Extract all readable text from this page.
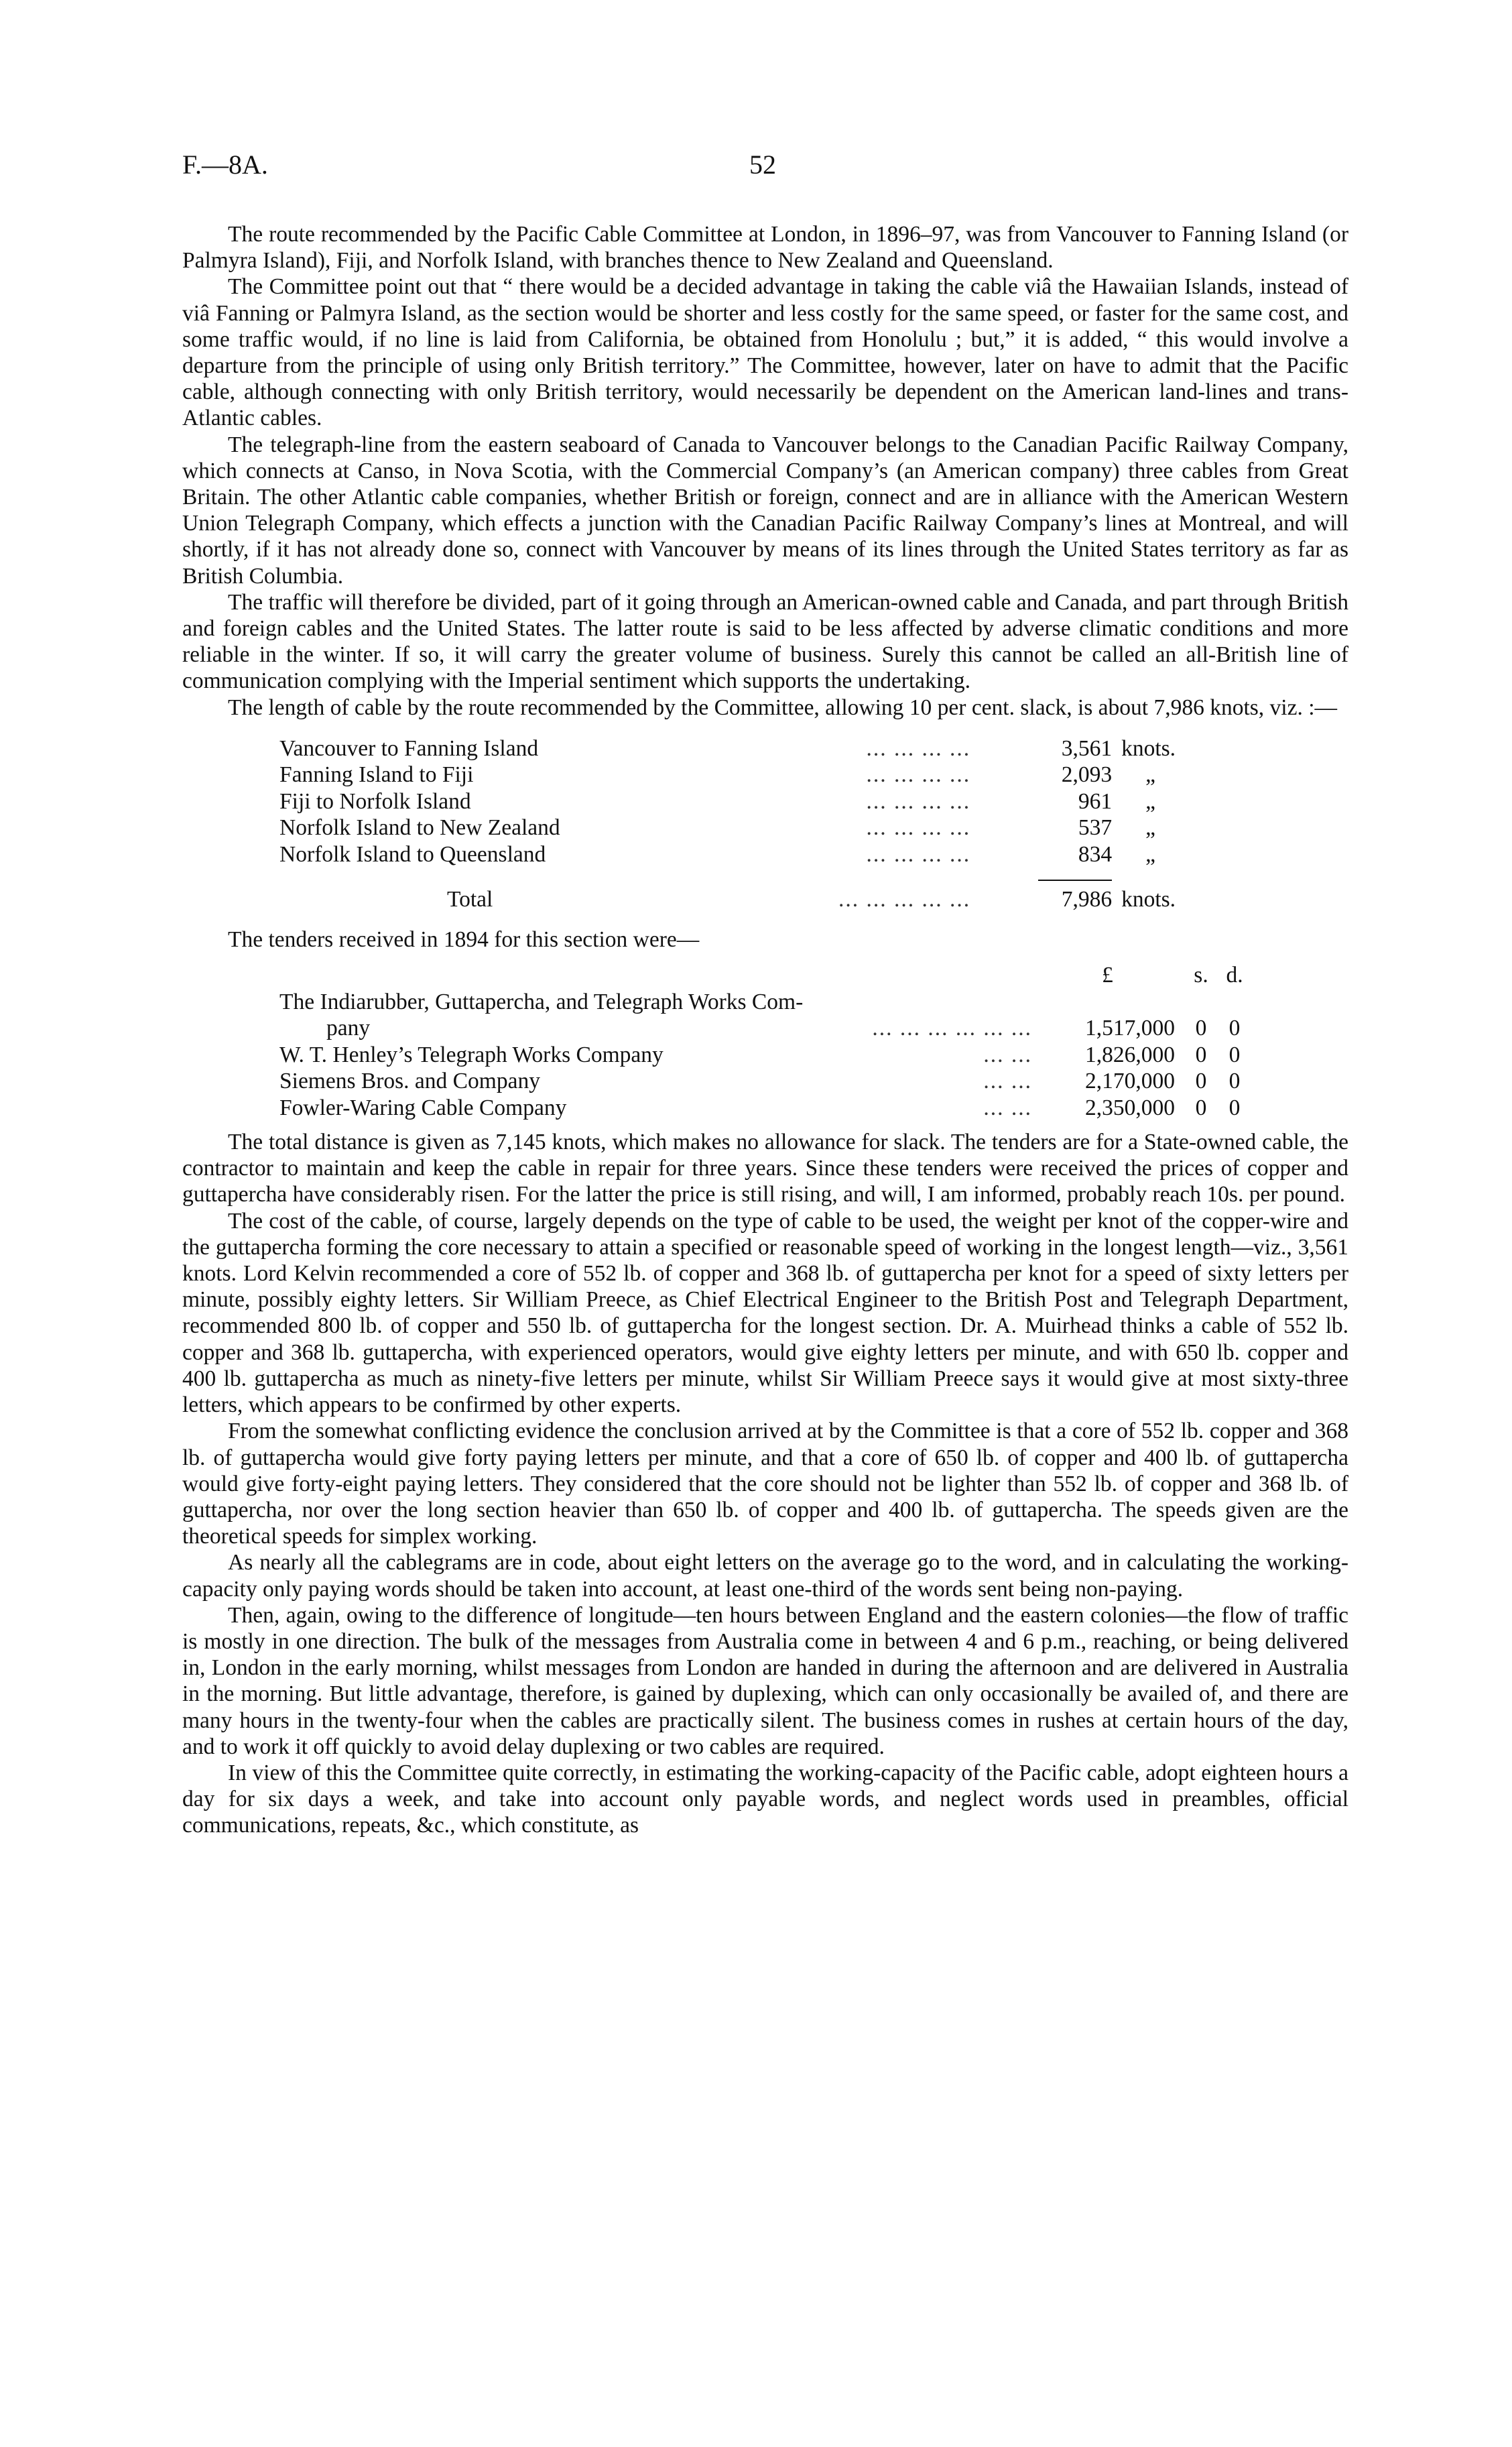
F.—8A.	52

The route recommended by the Pacific Cable Committee at London, in 1896–97, was from Vancouver to Fanning Island (or Palmyra Island), Fiji, and Norfolk Island, with branches thence to New Zealand and Queensland.

The Committee point out that “ there would be a decided advantage in taking the cable viâ the Hawaiian Islands, instead of viâ Fanning or Palmyra Island, as the section would be shorter and less costly for the same speed, or faster for the same cost, and some traffic would, if no line is laid from California, be obtained from Honolulu ; but,” it is added, “ this would involve a departure from the principle of using only British territory.” The Committee, however, later on have to admit that the Pacific cable, although connecting with only British territory, would necessarily be dependent on the American land-lines and trans-Atlantic cables.

The telegraph-line from the eastern seaboard of Canada to Vancouver belongs to the Canadian Pacific Railway Company, which connects at Canso, in Nova Scotia, with the Commercial Company’s (an American company) three cables from Great Britain. The other Atlantic cable companies, whether British or foreign, connect and are in alliance with the American Western Union Telegraph Company, which effects a junction with the Canadian Pacific Railway Company’s lines at Montreal, and will shortly, if it has not already done so, connect with Vancouver by means of its lines through the United States territory as far as British Columbia.

The traffic will therefore be divided, part of it going through an American-owned cable and Canada, and part through British and foreign cables and the United States. The latter route is said to be less affected by adverse climatic conditions and more reliable in the winter. If so, it will carry the greater volume of business. Surely this cannot be called an all-British line of communication complying with the Imperial sentiment which supports the undertaking.

The length of cable by the route recommended by the Committee, allowing 10 per cent. slack, is about 7,986 knots, viz. :—

Vancouver to Fanning Island	... ... ... ...	3,561	knots.
Fanning Island to Fiji	... ... ... ...	2,093	„
Fiji to Norfolk Island	... ... ... ...	961	„
Norfolk Island to New Zealand	... ... ... ...	537	„
Norfolk Island to Queensland	... ... ... ...	834	„

Total	... ... ... ... ...	7,986	knots.

The tenders received in 1894 for this section were—

	£	s.	d.
The Indiarubber, Guttapercha, and Telegraph Works Com-			

pany	... ... ... ... ... ... 1,517,000	0	0

W. T. Henley’s Telegraph Works Company	... ... 1,826,000	0	0

Siemens Bros. and Company	... ... 2,170,000	0	0

Fowler-Waring Cable Company	... ... 2,350,000	0	0

The total distance is given as 7,145 knots, which makes no allowance for slack. The tenders are for a State-owned cable, the contractor to maintain and keep the cable in repair for three years. Since these tenders were received the prices of copper and guttapercha have considerably risen. For the latter the price is still rising, and will, I am informed, probably reach 10s. per pound.

The cost of the cable, of course, largely depends on the type of cable to be used, the weight per knot of the copper-wire and the guttapercha forming the core necessary to attain a specified or reasonable speed of working in the longest length—viz., 3,561 knots. Lord Kelvin recommended a core of 552 lb. of copper and 368 lb. of guttapercha per knot for a speed of sixty letters per minute, possibly eighty letters. Sir William Preece, as Chief Electrical Engineer to the British Post and Telegraph Department, recommended 800 lb. of copper and 550 lb. of guttapercha for the longest section. Dr. A. Muirhead thinks a cable of 552 lb. copper and 368 lb. guttapercha, with experienced operators, would give eighty letters per minute, and with 650 lb. copper and 400 lb. guttapercha as much as ninety-five letters per minute, whilst Sir William Preece says it would give at most sixty-three letters, which appears to be confirmed by other experts.

From the somewhat conflicting evidence the conclusion arrived at by the Committee is that a core of 552 lb. copper and 368 lb. of guttapercha would give forty paying letters per minute, and that a core of 650 lb. of copper and 400 lb. of guttapercha would give forty-eight paying letters. They considered that the core should not be lighter than 552 lb. of copper and 368 lb. of guttapercha, nor over the long section heavier than 650 lb. of copper and 400 lb. of guttapercha. The speeds given are the theoretical speeds for simplex working.

As nearly all the cablegrams are in code, about eight letters on the average go to the word, and in calculating the working-capacity only paying words should be taken into account, at least one-third of the words sent being non-paying.

Then, again, owing to the difference of longitude—ten hours between England and the eastern colonies—the flow of traffic is mostly in one direction. The bulk of the messages from Australia come in between 4 and 6 p.m., reaching, or being delivered in, London in the early morning, whilst messages from London are handed in during the afternoon and are delivered in Australia in the morning. But little advantage, therefore, is gained by duplexing, which can only occasionally be availed of, and there are many hours in the twenty-four when the cables are practically silent. The business comes in rushes at certain hours of the day, and to work it off quickly to avoid delay duplexing or two cables are required.

In view of this the Committee quite correctly, in estimating the working-capacity of the Pacific cable, adopt eighteen hours a day for six days a week, and take into account only payable words, and neglect words used in preambles, official communications, repeats, &c., which constitute, as
